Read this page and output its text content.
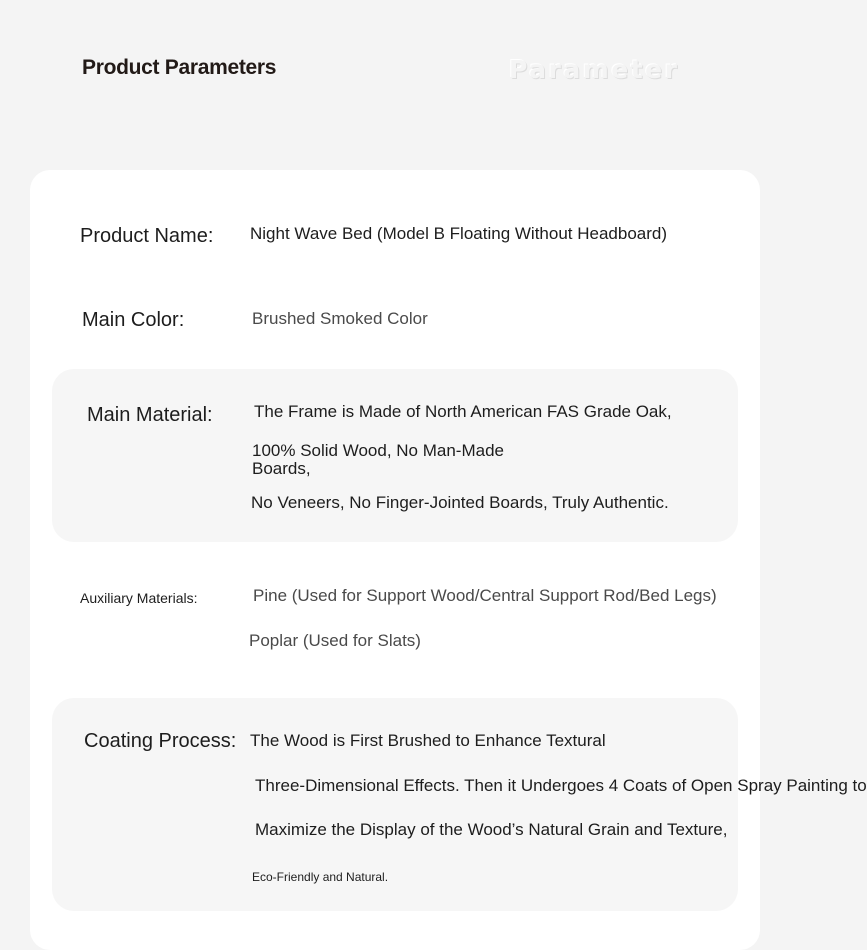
Product Parameters	Parameter
Product Name: Night Wave Bed (Model B Floating Without Headboard)
Main Color:	Brushed Smoked Color
Main Material: The Frame is Made of North American FAS Grade Oak,
100% Solid Wood, No Man-Made
Boards,
No Veneers, No Finger-Jointed Boards, Truly Authentic.
Auxiliary Materials:	Pine (Used for Support Wood/Central Support Rod/Bed Legs)
Poplar (Used for Slats)
Coating Process: The Wood is First Brushed to Enhance Textural
Three-Dimensional Effects. Then it Undergoes 4 Coats of Open Spray Painting to
Maximize the Display of the Wood’s Natural Grain and Texture,
Eco-Friendly and Natural.
